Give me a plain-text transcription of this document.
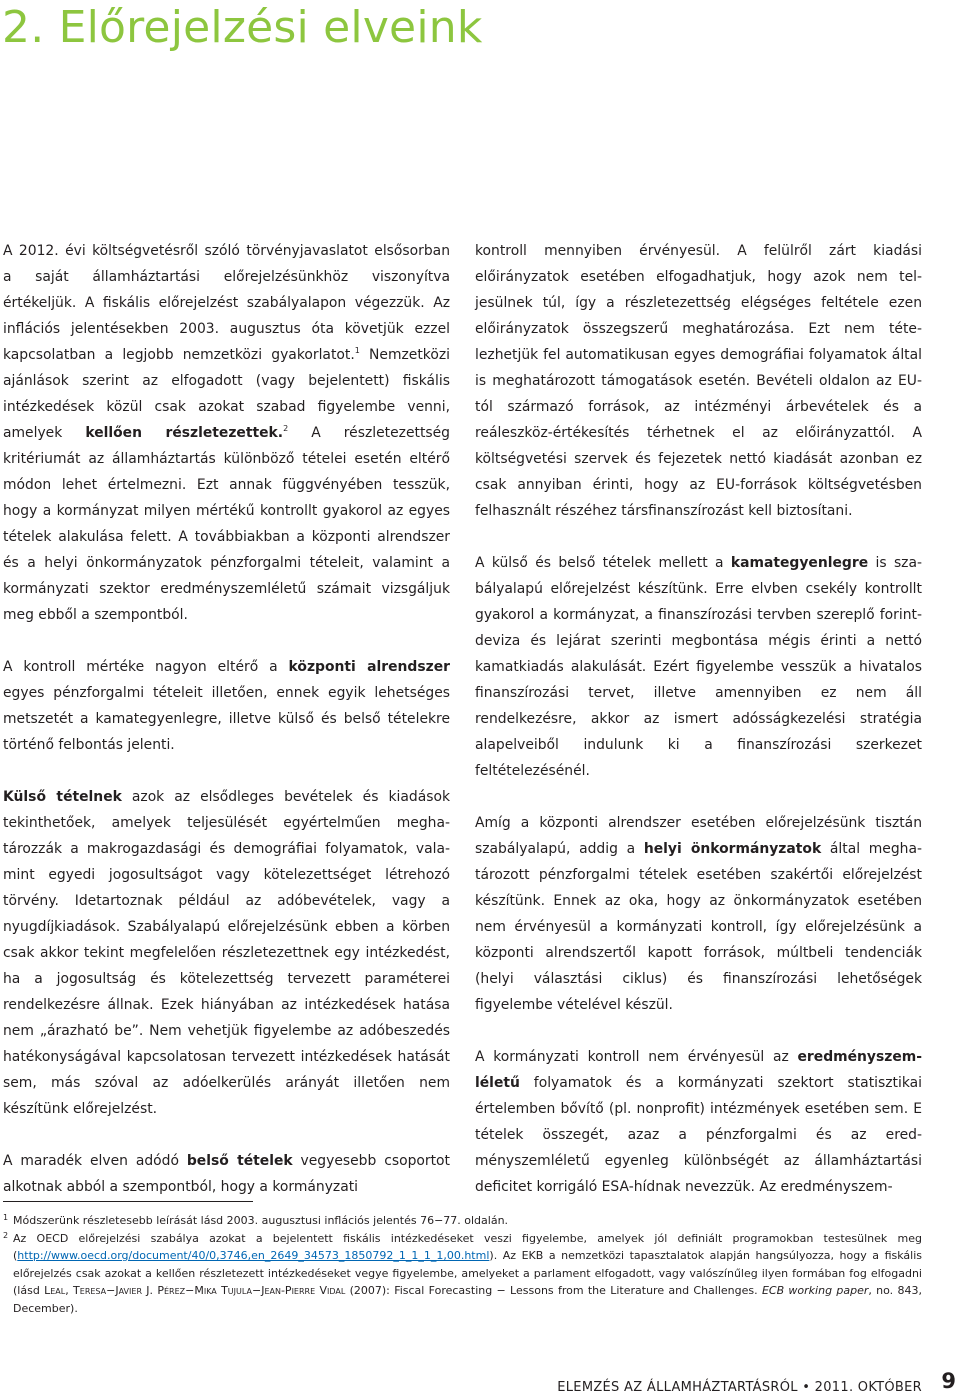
2. Előrejelzési elveink

A 2012. évi költségvetésről szóló törvényjavaslatot elsősorban a saját államháztartási előrejelzésünkhöz viszonyítva értékeljük. A fiskális előrejelzést szabályalapon végezzük. Az inflációs jelentésekben 2003. augusztus óta követjük ezzel kapcsolatban a legjobb nemzetközi gyakorlatot.$^1$ Nemzetközi ajánlások szerint az elfogadott (vagy bejelentett) fiskális intézkedések közül csak azokat szabad figyelembe venni, amelyek kellően részletezettek.$^2$ A részletezettség kritériumát az államháztartás különböző tételei esetén eltérő módon lehet értelmezni. Ezt annak függvényében tesszük, hogy a kormányzat milyen mértékű kontrollt gyakorol az egyes tételek alakulása felett. A továbbiakban a központi alrendszer és a helyi önkormányzatok pénzforgalmi tételeit, valamint a kormányzati szektor eredményszemléletű számait vizsgáljuk meg ebből a szempontból.

A kontroll mértéke nagyon eltérő a központi alrendszer egyes pénzforgalmi tételeit illetően, ennek egyik lehetséges metszetét a kamategyenlegre, illetve külső és belső tételekre történő felbontás jelenti.

Külső tételnek azok az elsődleges bevételek és kiadások tekinthetőek, amelyek teljesülését egyértelműen meghatározzák a makrogazdasági és demográfiai folyamatok, valamint egyedi jogosultságot vagy kötelezettséget létrehozó törvény. Idetartoznak például az adóbevételek, vagy a nyugdíjkiadások. Szabályalapú előrejelzésünk ebben a körben csak akkor tekint megfelelően részletezettnek egy intézkedést, ha a jogosultság és kötelezettség tervezett paraméterei rendelkezésre állnak. Ezek hiányában az intézkedések hatása nem „árazható be”. Nem vehetjük figyelembe az adóbeszedés hatékonyságával kapcsolatosan tervezett intézkedések hatását sem, más szóval az adóelkerülés arányát illetően nem készítünk előrejelzést.

A maradék elven adódó belső tételek vegyesebb csoportot alkotnak abból a szempontból, hogy a kormányzati

kontroll mennyiben érvényesül. A felülről zárt kiadási előirányzatok esetében elfogadhatjuk, hogy azok nem teljesülnek túl, így a részletezettség elégséges feltétele ezen előirányzatok összegszerű meghatározása. Ezt nem tételezhetjük fel automatikusan egyes demográfiai folyamatok által is meghatározott támogatások esetén. Bevételi oldalon az EU-tól származó források, az intézményi árbevételek és a reáleszköz-értékesítés térhetnek el az előirányzattól. A költségvetési szervek és fejezetek nettó kiadását azonban ez csak annyiban érinti, hogy az EU-források költségvetésben felhasznált részéhez társfinanszírozást kell biztosítani.

A külső és belső tételek mellett a kamategyenlegre is szabályalapú előrejelzést készítünk. Erre elvben csekély kontrollt gyakorol a kormányzat, a finanszírozási tervben szereplő forint-deviza és lejárat szerinti megbontása mégis érinti a nettó kamatkiadás alakulását. Ezért figyelembe vesszük a hivatalos finanszírozási tervet, illetve amennyiben ez nem áll rendelkezésre, akkor az ismert adósságkezelési stratégia alapelveiből indulunk ki a finanszírozási szerkezet feltételezésénél.

Amíg a központi alrendszer esetében előrejelzésünk tisztán szabályalapú, addig a helyi önkormányzatok által meghatározott pénzforgalmi tételek esetében szakértői előrejelzést készítünk. Ennek az oka, hogy az önkormányzatok esetében nem érvényesül a kormányzati kontroll, így előrejelzésünk a központi alrendszertől kapott források, múltbeli tendenciák (helyi választási ciklus) és finanszírozási lehetőségek figyelembe vételével készül.

A kormányzati kontroll nem érvényesül az eredményszemléletű folyamatok és a kormányzati szektort statisztikai értelemben bővítő (pl. nonprofit) intézmények esetében sem. E tételek összegét, azaz a pénzforgalmi és az eredményszemléletű egyenleg különbségét az államháztartási deficitet korrigáló ESA-hídnak nevezzük. Az eredményszem-

1 Módszerünk részletesebb leírását lásd 2003. augusztusi inflációs jelentés 76−77. oldalán.

2 Az OECD előrejelzési szabálya azokat a bejelentett fiskális intézkedéseket veszi figyelembe, amelyek jól definiált programokban testesülnek meg (http://www.oecd.org/document/40/0,3746,en_2649_34573_1850792_1_1_1_1,00.html). Az EKB a nemzetközi tapasztalatok alapján hangsúlyozza, hogy a fiskális előrejelzés csak azokat a kellően részletezett intézkedéseket vegye figyelembe, amelyeket a parlament elfogadott, vagy valószínűleg ilyen formában fog elfogadni (lásd Leal, Teresa−Javier J. Pérez−Mika Tujula−Jean-Pierre Vidal (2007): Fiscal Forecasting − Lessons from the Literature and Challenges. ECB working paper, no. 843, December).

ELEMZÉS AZ ÁLLAMHÁZTARTÁSRÓL • 2011. OKTÓBER 9
